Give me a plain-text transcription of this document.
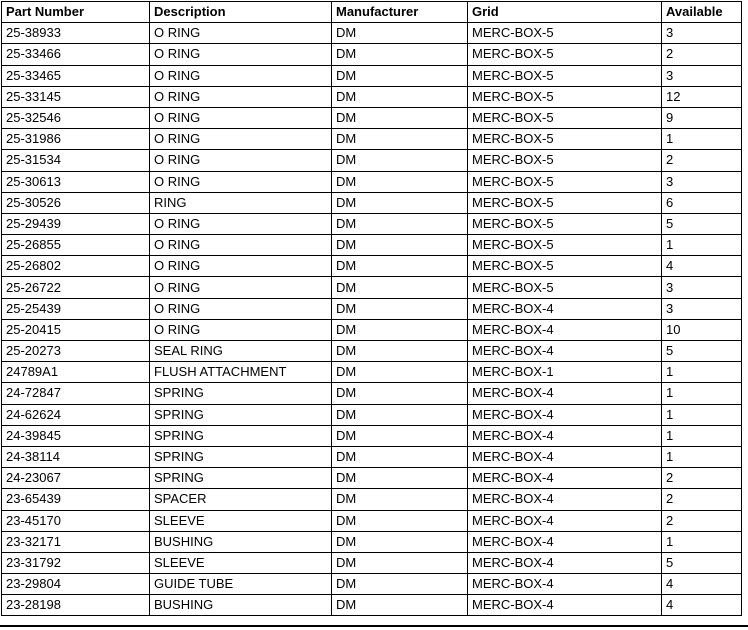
Part Number	Description	Manufacturer	Grid	Available
25-38933	O RING	DM	MERC-BOX-5	3
25-33466	O RING	DM	MERC-BOX-5	2
25-33465	O RING	DM	MERC-BOX-5	3
25-33145	O RING	DM	MERC-BOX-5	12
25-32546	O RING	DM	MERC-BOX-5	9
25-31986	O RING	DM	MERC-BOX-5	1
25-31534	O RING	DM	MERC-BOX-5	2
25-30613	O RING	DM	MERC-BOX-5	3
25-30526	RING	DM	MERC-BOX-5	6
25-29439	O RING	DM	MERC-BOX-5	5
25-26855	O RING	DM	MERC-BOX-5	1
25-26802	O RING	DM	MERC-BOX-5	4
25-26722	O RING	DM	MERC-BOX-5	3
25-25439	O RING	DM	MERC-BOX-4	3
25-20415	O RING	DM	MERC-BOX-4	10
25-20273	SEAL RING	DM	MERC-BOX-4	5
24789A1	FLUSH ATTACHMENT	DM	MERC-BOX-1	1
24-72847	SPRING	DM	MERC-BOX-4	1
24-62624	SPRING	DM	MERC-BOX-4	1
24-39845	SPRING	DM	MERC-BOX-4	1
24-38114	SPRING	DM	MERC-BOX-4	1
24-23067	SPRING	DM	MERC-BOX-4	2
23-65439	SPACER	DM	MERC-BOX-4	2
23-45170	SLEEVE	DM	MERC-BOX-4	2
23-32171	BUSHING	DM	MERC-BOX-4	1
23-31792	SLEEVE	DM	MERC-BOX-4	5
23-29804	GUIDE TUBE	DM	MERC-BOX-4	4
23-28198	BUSHING	DM	MERC-BOX-4	4
